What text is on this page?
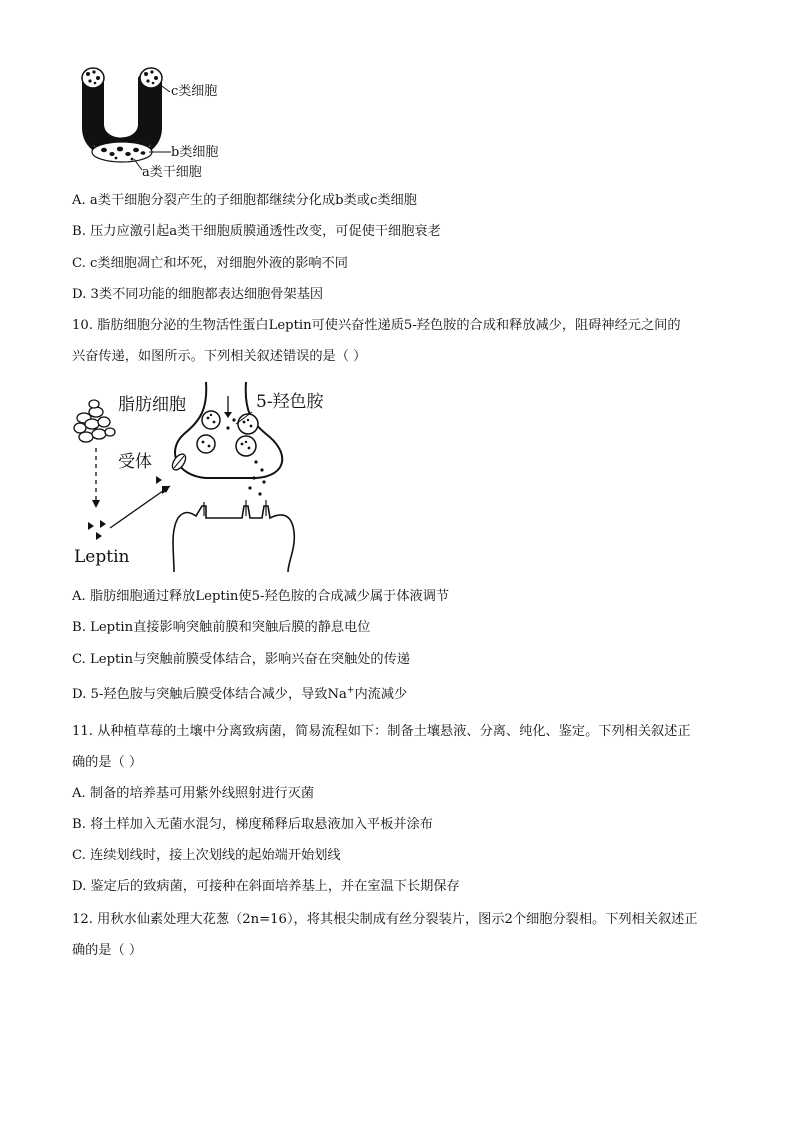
c类细胞
b类细胞
a类干细胞
A. a类干细胞分裂产生的子细胞都继续分化成b类或c类细胞
B. 压力应激引起a类干细胞质膜通透性改变，可促使干细胞衰老
C. c类细胞凋亡和坏死，对细胞外液的影响不同
D. 3类不同功能的细胞都表达细胞骨架基因
10. 脂肪细胞分泌的生物活性蛋白Leptin可使兴奋性递质5-羟色胺的合成和释放减少，阻碍神经元之间的
兴奋传递，如图所示。下列相关叙述错误的是（ ）
脂肪细胞	5-羟色胺
受体
Leptin
A. 脂肪细胞通过释放Leptin使5-羟色胺的合成减少属于体液调节
B. Leptin直接影响突触前膜和突触后膜的静息电位
C. Leptin与突触前膜受体结合，影响兴奋在突触处的传递
D. 5-羟色胺与突触后膜受体结合减少，导致Na+内流减少
11. 从种植草莓的土壤中分离致病菌，简易流程如下：制备土壤悬液、分离、纯化、鉴定。下列相关叙述正
确的是（ ）
A. 制备的培养基可用紫外线照射进行灭菌
B. 将土样加入无菌水混匀，梯度稀释后取悬液加入平板并涂布
C. 连续划线时，接上次划线的起始端开始划线
D. 鉴定后的致病菌，可接种在斜面培养基上，并在室温下长期保存
12. 用秋水仙素处理大花葱（2n=16），将其根尖制成有丝分裂装片，图示2个细胞分裂相。下列相关叙述正
确的是（ ）
